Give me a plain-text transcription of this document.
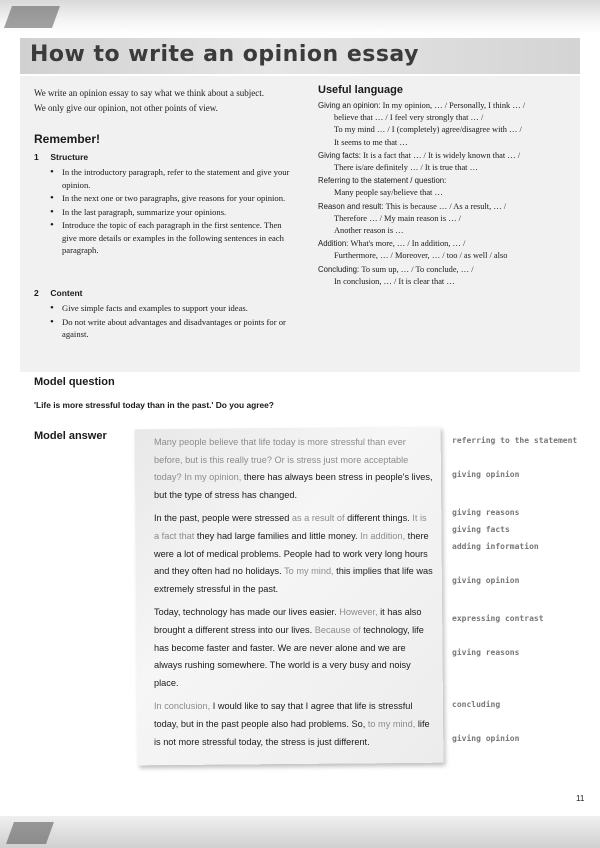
How to write an opinion essay
We write an opinion essay to say what we think about a subject.
We only give our opinion, not other points of view.
Remember!
1 Structure
• In the introductory paragraph, refer to the statement and give your opinion.
• In the next one or two paragraphs, give reasons for your opinion.
• In the last paragraph, summarize your opinions.
• Introduce the topic of each paragraph in the first sentence. Then give more details or examples in the following sentences in each paragraph.
2 Content
• Give simple facts and examples to support your ideas.
• Do not write about advantages and disadvantages or points for or against.
Useful language
Giving an opinion: In my opinion, … / Personally, I think … /
believe that … / I feel very strongly that … /
To my mind … / I (completely) agree/disagree with … /
It seems to me that …
Giving facts: It is a fact that … / It is widely known that … /
There is/are definitely … / It is true that …
Referring to the statement / question:
Many people say/believe that …
Reason and result: This is because … / As a result, … /
Therefore … / My main reason is … /
Another reason is …
Addition: What's more, … / In addition, … /
Furthermore, … / Moreover, … / too / as well / also
Concluding: To sum up, … / To conclude, … /
In conclusion, … / It is clear that …
Model question
'Life is more stressful today than in the past.' Do you agree?
Model answer	Many people believe that life today is more stressful than ever before, but is this really true? Or is stress just more acceptable today? In my opinion, there has always been stress in people's lives, but the type of stress has changed.

In the past, people were stressed as a result of different things. It is a fact that they had large families and little money. In addition, there were a lot of medical problems. People had to work very long hours and they often had no holidays. To my mind, this implies that life was extremely stressful in the past.

Today, technology has made our lives easier. However, it has also brought a different stress into our lives. Because of technology, life has become faster and faster. We are never alone and we are always rushing somewhere. The world is a very busy and noisy place.

In conclusion, I would like to say that I agree that life is stressful today, but in the past people also had problems. So, to my mind, life is not more stressful today, the stress is just different.

referring to the statement
giving opinion
giving reasons
giving facts
adding information
giving opinion
expressing contrast
giving reasons
concluding
giving opinion
11
